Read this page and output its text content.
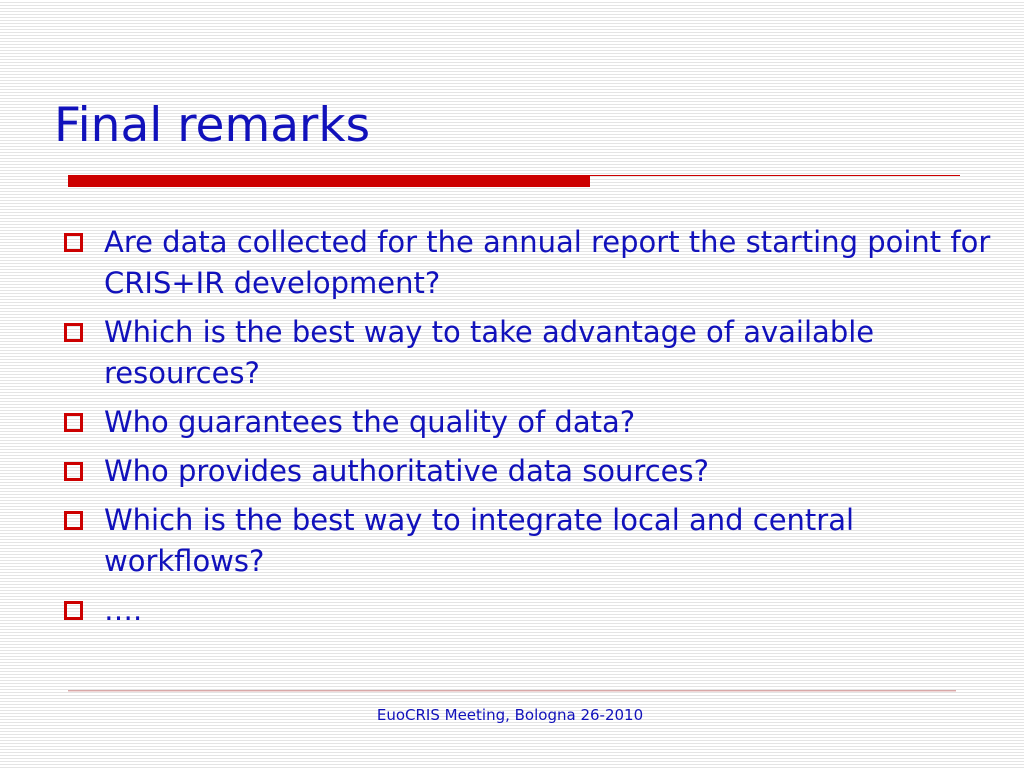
Final remarks
Are data collected for the annual report the starting point for CRIS+IR development?
Which is the best way to take advantage of available resources?
Who guarantees the quality of data?
Who provides authoritative data sources?
Which is the best way to integrate local and central workflows?
….
EuoCRIS Meeting, Bologna 26-2010
